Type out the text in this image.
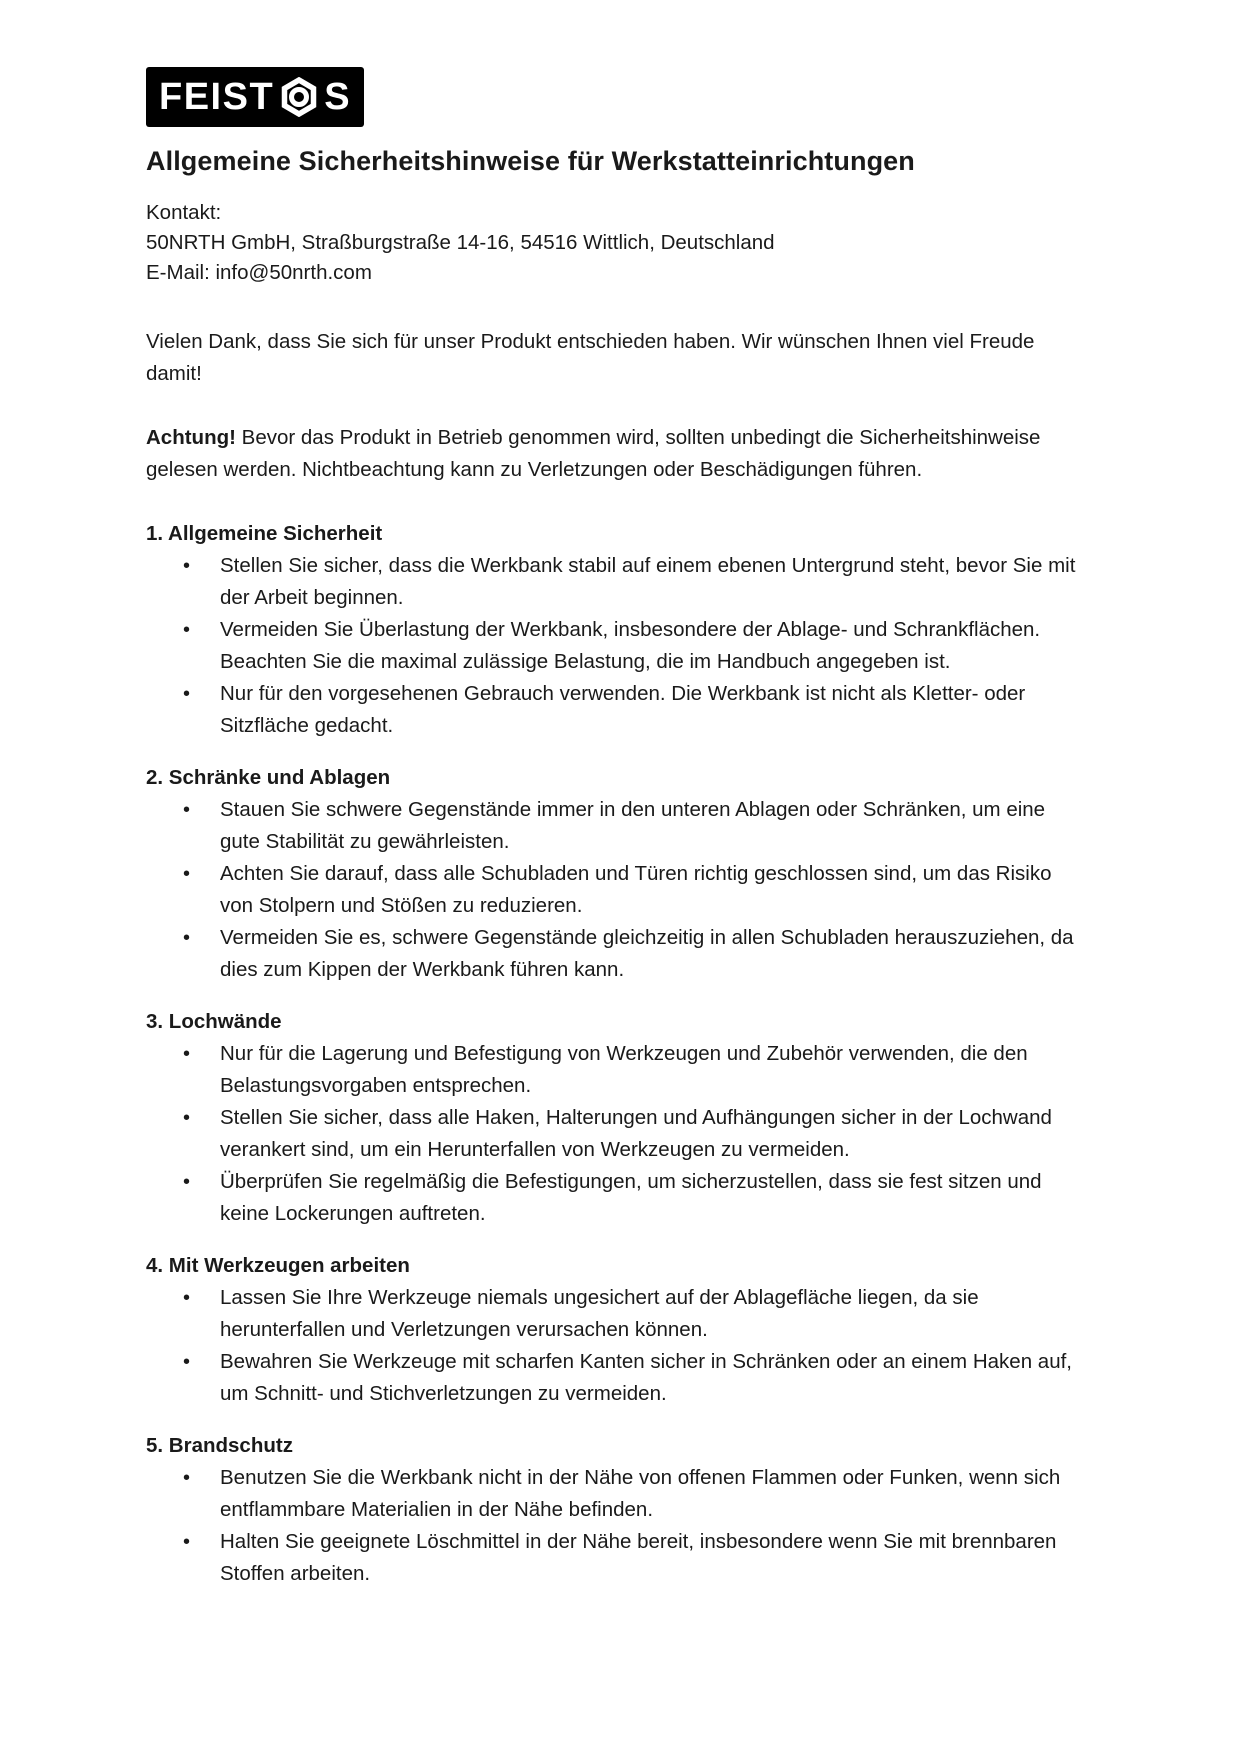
FEIST S
Allgemeine Sicherheitshinweise für Werkstatteinrichtungen

Kontakt:

50NRTH GmbH, Straßburgstraße 14-16, 54516 Wittlich, Deutschland

E-Mail: info@50nrth.com

Vielen Dank, dass Sie sich für unser Produkt entschieden haben. Wir wünschen Ihnen viel Freude damit!

Achtung! Bevor das Produkt in Betrieb genommen wird, sollten unbedingt die Sicherheitshinweise gelesen werden. Nichtbeachtung kann zu Verletzungen oder Beschädigungen führen.

1. Allgemeine Sicherheit

• Stellen Sie sicher, dass die Werkbank stabil auf einem ebenen Untergrund steht, bevor Sie mit der Arbeit beginnen.
• Vermeiden Sie Überlastung der Werkbank, insbesondere der Ablage- und Schrankflächen. Beachten Sie die maximal zulässige Belastung, die im Handbuch angegeben ist.
• Nur für den vorgesehenen Gebrauch verwenden. Die Werkbank ist nicht als Kletter- oder Sitzfläche gedacht.

2. Schränke und Ablagen

• Stauen Sie schwere Gegenstände immer in den unteren Ablagen oder Schränken, um eine gute Stabilität zu gewährleisten.
• Achten Sie darauf, dass alle Schubladen und Türen richtig geschlossen sind, um das Risiko von Stolpern und Stößen zu reduzieren.
• Vermeiden Sie es, schwere Gegenstände gleichzeitig in allen Schubladen herauszuziehen, da dies zum Kippen der Werkbank führen kann.

3. Lochwände

• Nur für die Lagerung und Befestigung von Werkzeugen und Zubehör verwenden, die den Belastungsvorgaben entsprechen.
• Stellen Sie sicher, dass alle Haken, Halterungen und Aufhängungen sicher in der Lochwand verankert sind, um ein Herunterfallen von Werkzeugen zu vermeiden.
• Überprüfen Sie regelmäßig die Befestigungen, um sicherzustellen, dass sie fest sitzen und keine Lockerungen auftreten.

4. Mit Werkzeugen arbeiten

• Lassen Sie Ihre Werkzeuge niemals ungesichert auf der Ablagefläche liegen, da sie herunterfallen und Verletzungen verursachen können.
• Bewahren Sie Werkzeuge mit scharfen Kanten sicher in Schränken oder an einem Haken auf, um Schnitt- und Stichverletzungen zu vermeiden.

5. Brandschutz

• Benutzen Sie die Werkbank nicht in der Nähe von offenen Flammen oder Funken, wenn sich entflammbare Materialien in der Nähe befinden.
• Halten Sie geeignete Löschmittel in der Nähe bereit, insbesondere wenn Sie mit brennbaren Stoffen arbeiten.
